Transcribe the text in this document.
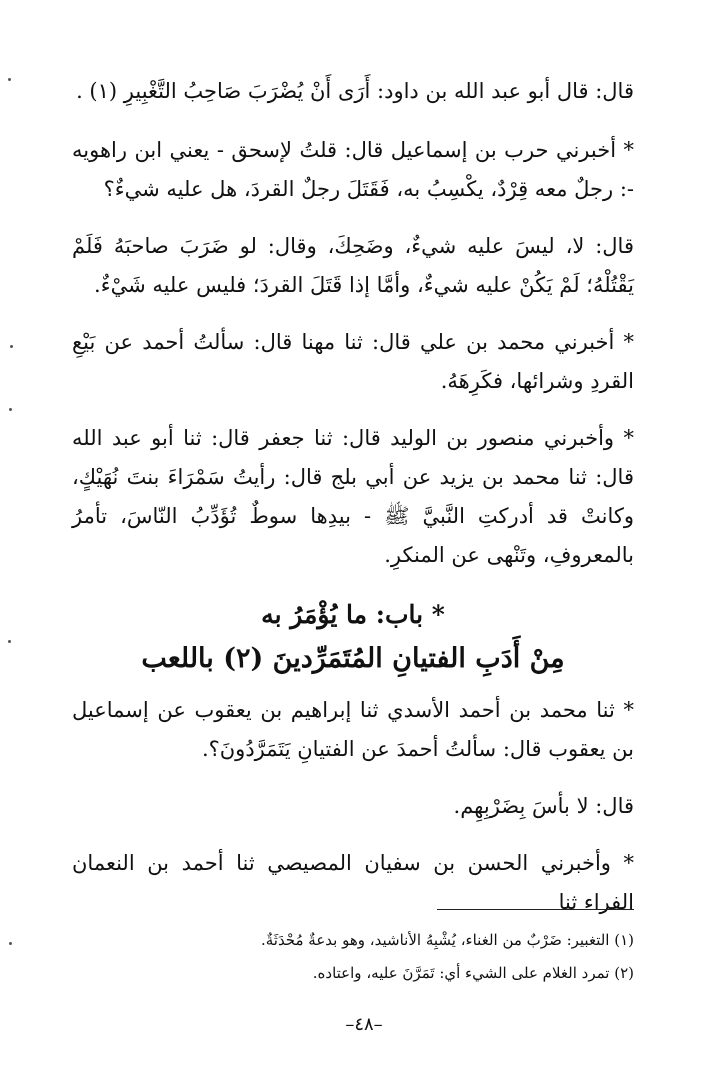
قال: قال أبو عبد الله بن داود: أَرَى أَنْ يُضْرَبَ صَاحِبُ التَّغْبِيرِ (١) .

* أخبرني حرب بن إسماعيل قال: قلتُ لإسحق - يعني ابن راهويه -: رجلٌ معه قِرْدٌ، يكْسِبُ به، فَقَتَلَ رجلٌ القردَ، هل عليه شيءٌ؟

قال: لا، ليسَ عليه شيءٌ، وضَحِكَ، وقال: لو ضَرَبَ صاحبَهُ فَلَمْ يَقْتُلْهُ؛ لَمْ يَكُنْ عليه شيءٌ، وأمَّا إذا قَتَلَ القردَ؛ فليس عليه شَيْءٌ.

* أخبرني محمد بن علي قال: ثنا مهنا قال: سألتُ أحمد عن بَيْعِ القردِ وشرائها، فكَرِهَهُ.

* وأخبرني منصور بن الوليد قال: ثنا جعفر قال: ثنا أبو عبد الله قال: ثنا محمد بن يزيد عن أبي بلج قال: رأيتُ سَمْرَاءَ بنتَ نُهَيْكٍ، وكانتْ قد أدركتِ النَّبيَّ ﷺ - بيدِها سوطٌ تُؤَدِّبُ النّاسَ، تأمرُ بالمعروفِ، وتَنْهى عن المنكرِ.

* باب: ما يُؤْمَرُ به
مِنْ أَدَبِ الفتيانِ المُتَمَرِّدينَ (٢) باللعب

* ثنا محمد بن أحمد الأسدي ثنا إبراهيم بن يعقوب عن إسماعيل بن يعقوب قال: سألتُ أحمدَ عن الفتيانِ يَتَمَرَّدُونَ؟.

قال: لا بأسَ بِضَرْبِهِم.

* وأخبرني الحسن بن سفيان المصيصي ثنا أحمد بن النعمان الفراء ثنا

(١) التغبير: ضَرْبٌ من الغناء، يُشْبِهُ الأناشيد، وهو بدعةٌ مُحْدَثَةٌ.
(٢) تمرد الغلام على الشيء أي: تَمَرَّنَ عليه، واعتاده.
–٤٨–
